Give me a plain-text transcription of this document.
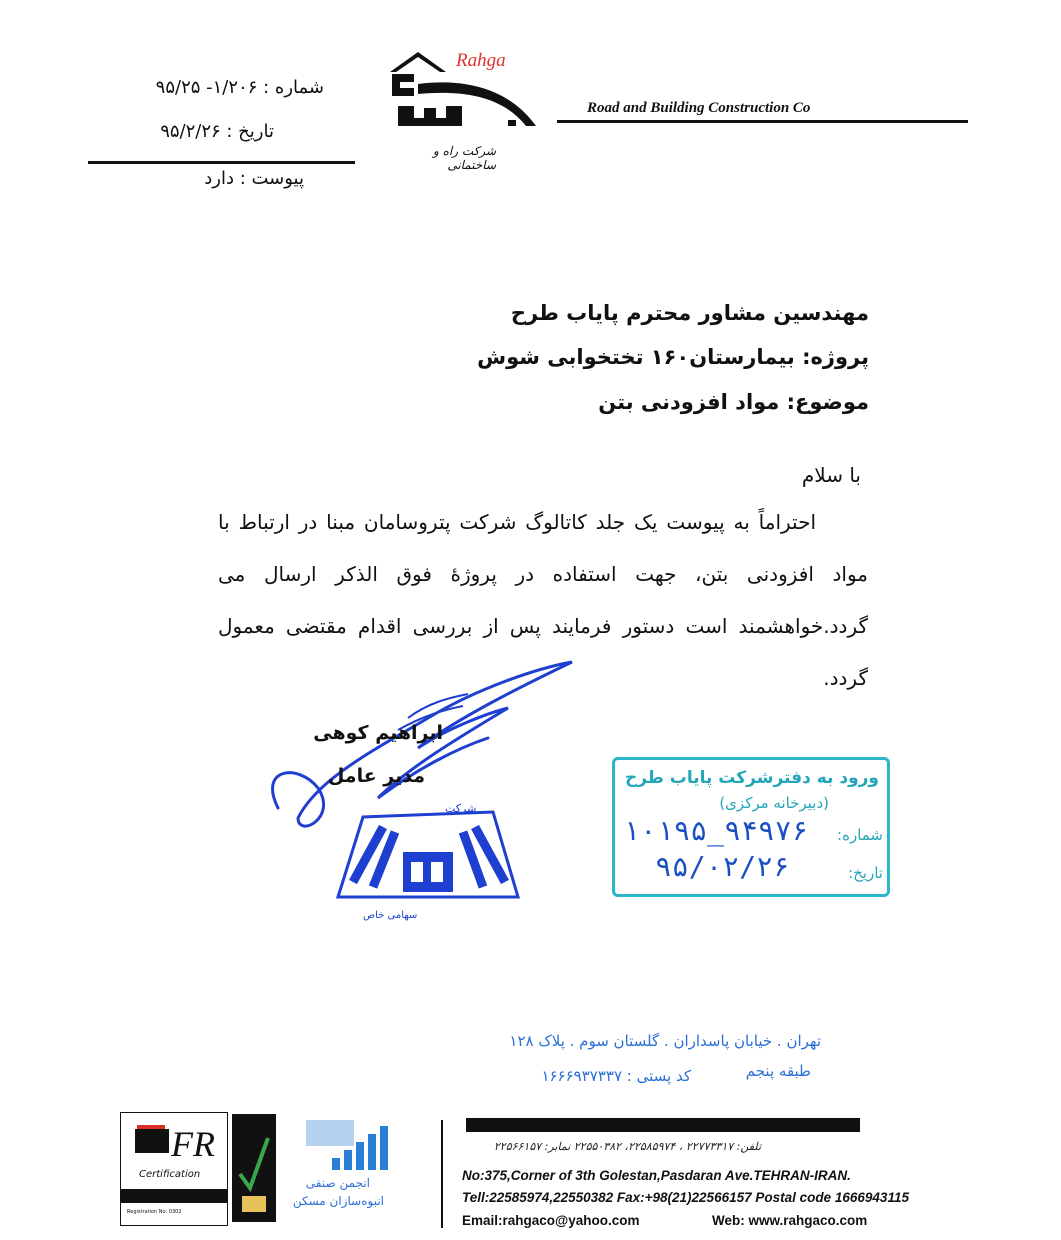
شماره : ۹۵/۲۵ -۱/۲۰۶
تاریخ : ۹۵/۲/۲۶
پیوست : دارد
Rahga
شرکت راه و ساختمانی
Road and Building Construction Co
مهندسین مشاور محترم پایاب طرح
پروژه: بیمارستان۱۶۰ تختخوابی شوش
موضوع: مواد افزودنی بتن
با سلام
احتراماً به پیوست یک جلد کاتالوگ شرکت پتروسامان مبنا در ارتباط با مواد افزودنی بتن، جهت استفاده در پروژۀ فوق الذکر ارسال می گردد.خواهشمند است دستور فرمایند پس از بررسی اقدام مقتضی معمول گردد.
ابراهیم کوهی
مدیر عامل
شرکت
سهامی خاص
ورود به دفترشرکت پایاب طرح
(دبیرخانه مرکزی)
شماره:
۱۰۱۹۵_۹۴۹۷۶
تاریخ:
۹۵/۰۲/۲۶
تهران . خیابان پاسداران . گلستان سوم . پلاک ۱۲۸
طبقه پنجم
کد پستی : ۱۶۶۶۹۳۷۳۳۷
FR
Certification
Registration No: 0302
انجمن صنفی
انبوه‌سازان مسکن
تلفن: ۲۲۷۷۳۳۱۷ ، ۲۲۵۸۵۹۷۴، ۲۲۵۵۰۳۸۲ نمابر: ۲۲۵۶۶۱۵۷
No:375,Corner of 3th Golestan,Pasdaran Ave.TEHRAN-IRAN.
Tell:22585974,22550382 Fax:+98(21)22566157 Postal code 1666943115
Email:rahgaco@yahoo.com	Web: www.rahgaco.com
